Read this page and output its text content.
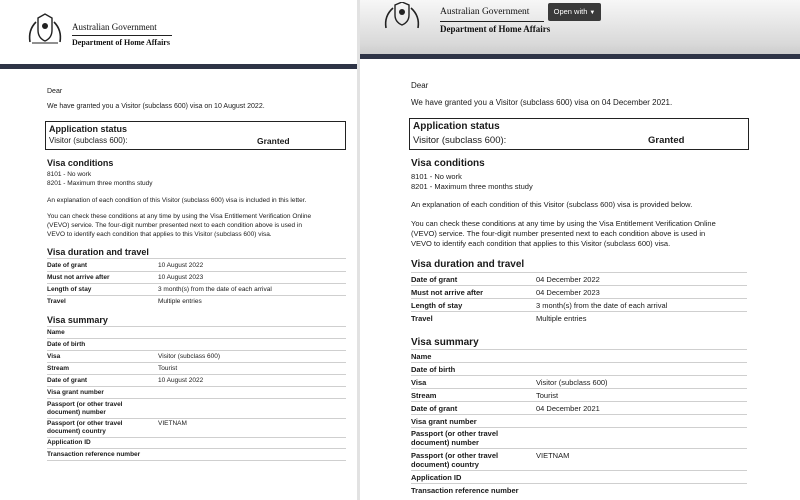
Australian Government
Department of Home Affairs
Dear
We have granted you a Visitor (subclass 600) visa on 10 August 2022.
Application status
Visitor (subclass 600):	Granted
Visa conditions
8101 - No work
8201 - Maximum three months study
An explanation of each condition of this Visitor (subclass 600) visa is included in this letter.
You can check these conditions at any time by using the Visa Entitlement Verification Online
(VEVO) service. The four-digit number presented next to each condition above is used in
VEVO to identify each condition that applies to this Visitor (subclass 600) visa.
Visa duration and travel
Date of grant	10 August 2022
Must not arrive after	10 August 2023
Length of stay	3 month(s) from the date of each arrival
Travel	Multiple entries
Visa summary
Name
Date of birth
Visa	Visitor (subclass 600)
Stream	Tourist
Date of grant	10 August 2022
Visa grant number
Passport (or other travel
document) number
Passport (or other travel	VIETNAM
document) country
Application ID
Transaction reference number
Australian Government
Department of Home Affairs
Open with ▼
Dear
We have granted you a Visitor (subclass 600) visa on 04 December 2021.
Application status
Visitor (subclass 600):	Granted
Visa conditions
8101 - No work
8201 - Maximum three months study
An explanation of each condition of this Visitor (subclass 600) visa is provided below.
You can check these conditions at any time by using the Visa Entitlement Verification Online
(VEVO) service. The four-digit number presented next to each condition above is used in
VEVO to identify each condition that applies to this Visitor (subclass 600) visa.
Visa duration and travel
Date of grant	04 December 2022
Must not arrive after	04 December 2023
Length of stay	3 month(s) from the date of each arrival
Travel	Multiple entries
Visa summary
Name
Date of birth
Visa	Visitor (subclass 600)
Stream	Tourist
Date of grant	04 December 2021
Visa grant number
Passport (or other travel
document) number
Passport (or other travel	VIETNAM
document) country
Application ID
Transaction reference number
